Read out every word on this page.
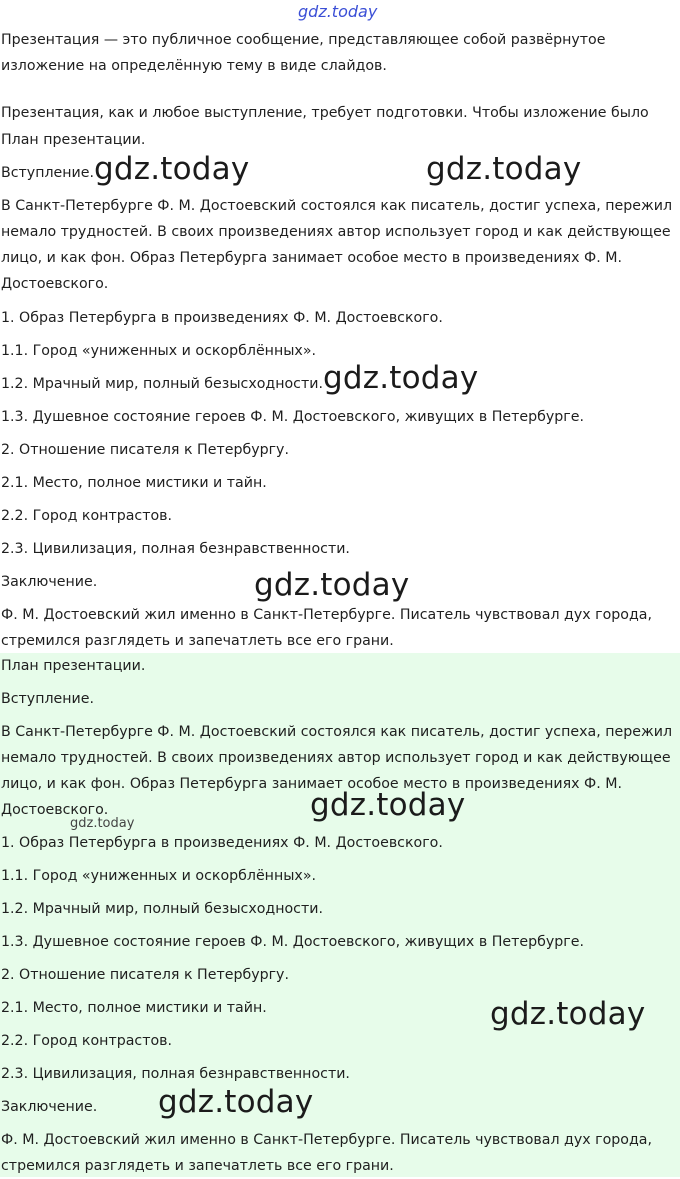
gdz.today

Презентация — это публичное сообщение, представляющее собой развёрнутое

изложение на определённую тему в виде слайдов.

Презентация, как и любое выступление, требует подготовки. Чтобы изложение было

План презентации.

Вступление.

В Санкт-Петербурге Ф. М. Достоевский состоялся как писатель, достиг успеха, пережил

немало трудностей. В своих произведениях автор использует город и как действующее

лицо, и как фон. Образ Петербурга занимает особое место в произведениях Ф. М.

Достоевского.

1. Образ Петербурга в произведениях Ф. М. Достоевского.

1.1. Город «униженных и оскорблённых».

1.2. Мрачный мир, полный безысходности.

1.3. Душевное состояние героев Ф. М. Достоевского, живущих в Петербурге.

2. Отношение писателя к Петербургу.

2.1. Место, полное мистики и тайн.

2.2. Город контрастов.

2.3. Цивилизация, полная безнравственности.

Заключение.

Ф. М. Достоевский жил именно в Санкт-Петербурге. Писатель чувствовал дух города,

стремился разглядеть и запечатлеть все его грани.

План презентации.

Вступление.

В Санкт-Петербурге Ф. М. Достоевский состоялся как писатель, достиг успеха, пережил

немало трудностей. В своих произведениях автор использует город и как действующее

лицо, и как фон. Образ Петербурга занимает особое место в произведениях Ф. М.

Достоевского.

1. Образ Петербурга в произведениях Ф. М. Достоевского.

1.1. Город «униженных и оскорблённых».

1.2. Мрачный мир, полный безысходности.

1.3. Душевное состояние героев Ф. М. Достоевского, живущих в Петербурге.

2. Отношение писателя к Петербургу.

2.1. Место, полное мистики и тайн.

2.2. Город контрастов.

2.3. Цивилизация, полная безнравственности.

Заключение.

Ф. М. Достоевский жил именно в Санкт-Петербурге. Писатель чувствовал дух города,

стремился разглядеть и запечатлеть все его грани.

gdz.today	gdz.today
gdz.today
gdz.today
gdz.today
gdz.today
gdz.today
gdz.today
